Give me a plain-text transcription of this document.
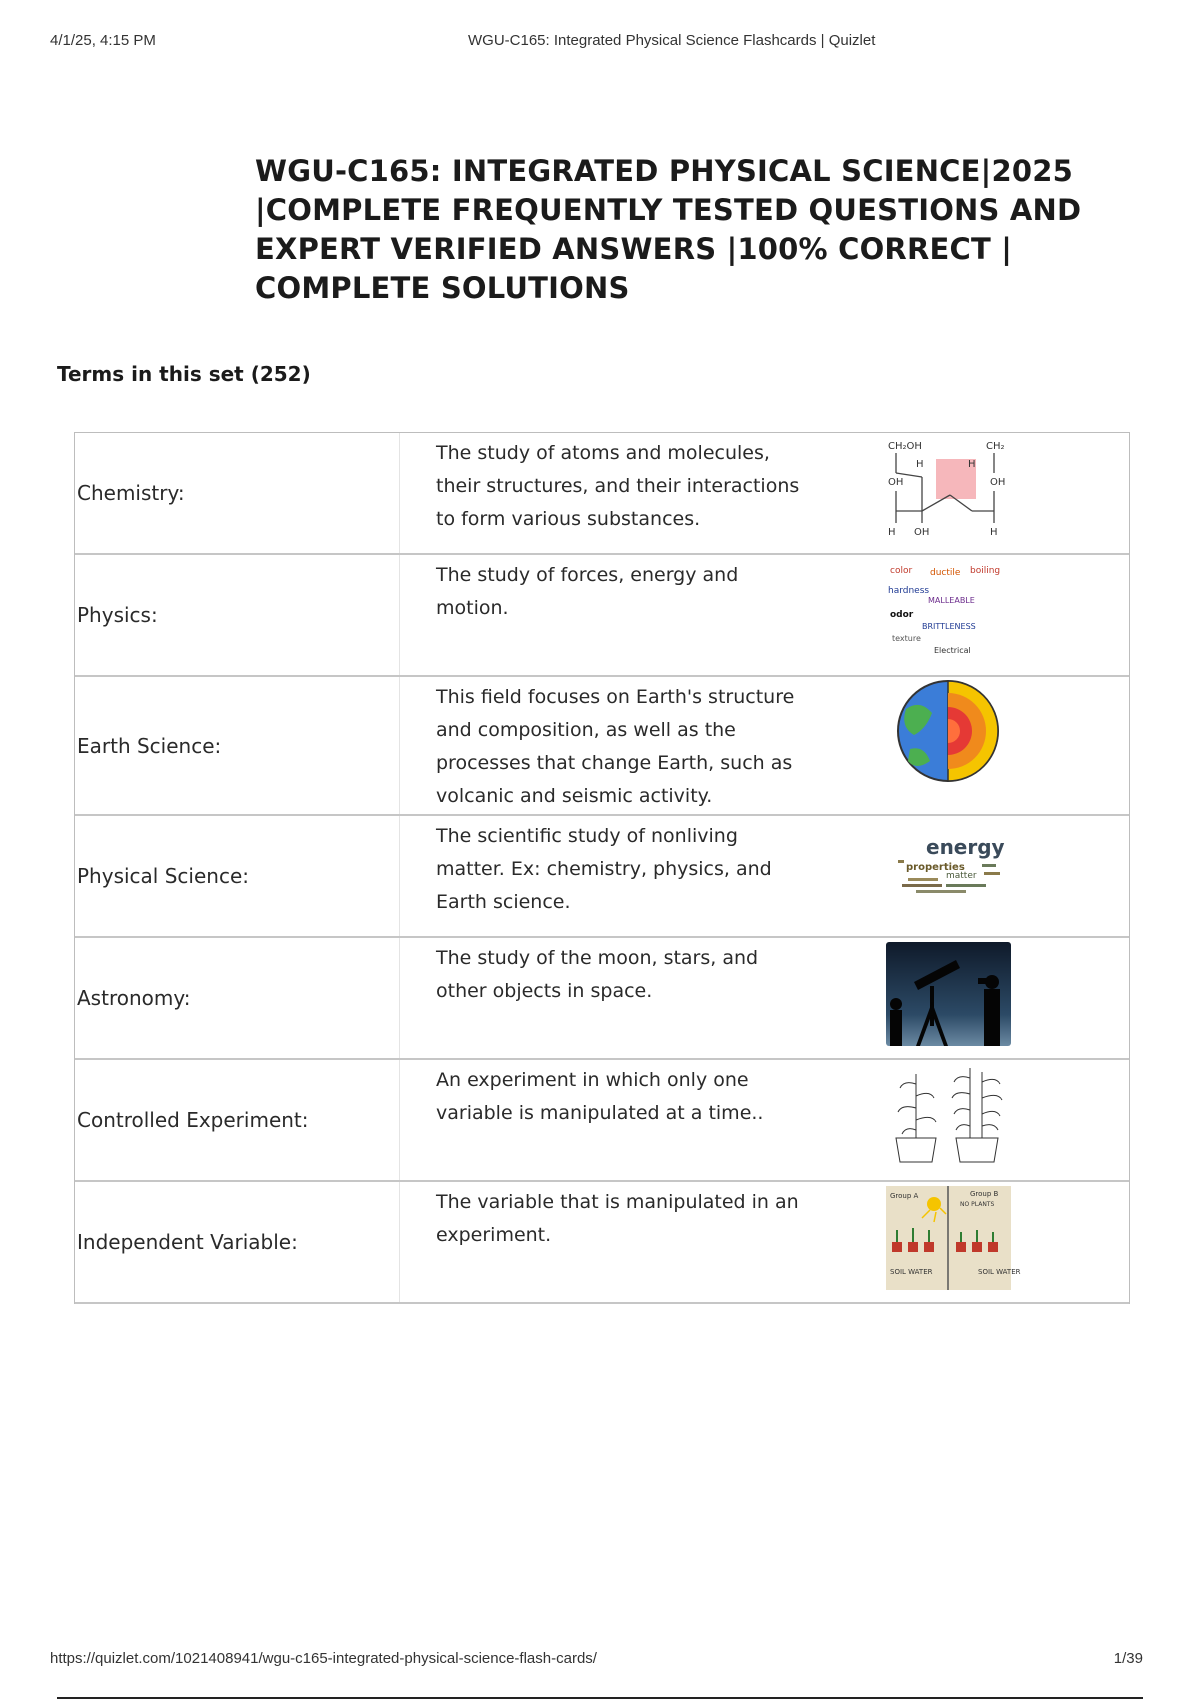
4/1/25, 4:15 PM	WGU-C165: Integrated Physical Science Flashcards | Quizlet
WGU-C165: INTEGRATED PHYSICAL SCIENCE|2025 |COMPLETE FREQUENTLY TESTED QUESTIONS AND EXPERT VERIFIED ANSWERS |100% CORRECT | COMPLETE SOLUTIONS
Terms in this set (252)
Chemistry:
The study of atoms and molecules, their structures, and their interactions to form various substances.
CH₂OH	CH₂
OH	OH
H	H
H OH	H
Physics:
The study of forces, energy and motion.
color ductile boiling
hardness
MALLEABLE
odor
BRITTLENESS
texture
Electrical
Earth Science:
This field focuses on Earth's structure and composition, as well as the processes that change Earth, such as volcanic and seismic activity.
Physical Science:
The scientific study of nonliving matter. Ex: chemistry, physics, and Earth science.
energy
properties
matter
Astronomy:
The study of the moon, stars, and other objects in space.
Controlled Experiment:
An experiment in which only one variable is manipulated at a time..
Independent Variable:
The variable that is manipulated in an experiment.
Group A	Group B
NO PLANTS
SOIL WATER	SOIL WATER
https://quizlet.com/1021408941/wgu-c165-integrated-physical-science-flash-cards/	1/39
